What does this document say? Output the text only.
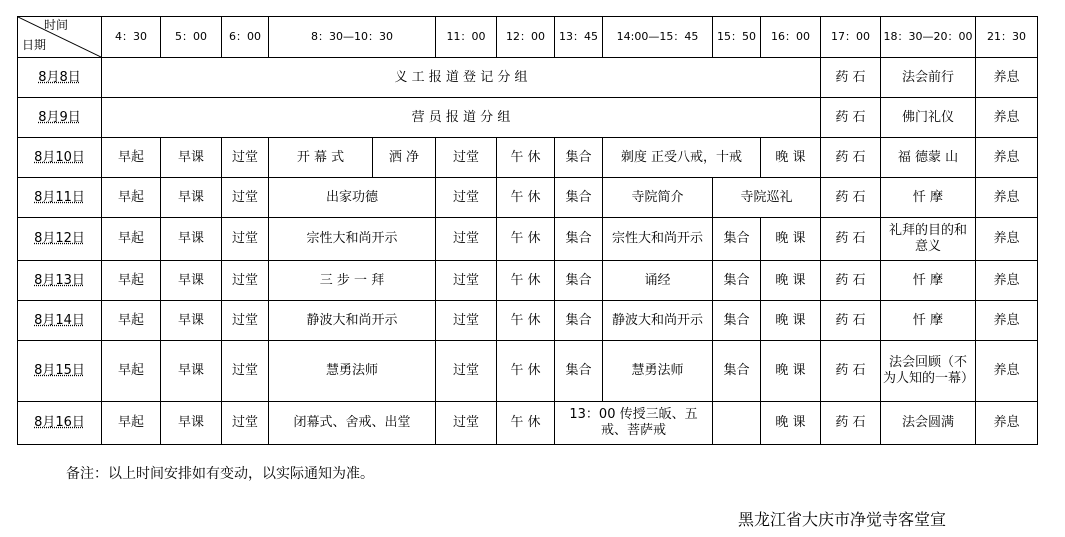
时间
日期	4：30	5：00	6：00	8：30—10：30		11：00	12：00	13：45	14:00—15：45	15：50	16：00	17：00	18：30—20：00	21：30
8月8日	义 工 报 道 登 记 分 组											药 石	法会前行	养息
8月9日	营 员 报 道 分 组											药 石	佛门礼仪	养息
8月10日	早起	早课	过堂	开 幕 式	洒 净	过堂	午 休	集合	剃度 正受八戒，十戒		晚 课	药 石	福 德蒙 山	养息
8月11日	早起	早课	过堂	出家功德		过堂	午 休	集合	寺院简介	寺院巡礼		药 石	忏 摩	养息
8月12日	早起	早课	过堂	宗性大和尚开示		过堂	午 休	集合	宗性大和尚开示	集合	晚 课	药 石	礼拜的目的和意义	养息
8月13日	早起	早课	过堂	三 步 一 拜		过堂	午 休	集合	诵经	集合	晚 课	药 石	忏 摩	养息
8月14日	早起	早课	过堂	静波大和尚开示		过堂	午 休	集合	静波大和尚开示	集合	晚 课	药 石	忏 摩	养息
8月15日	早起	早课	过堂	慧勇法师		过堂	午 休	集合	慧勇法师	集合	晚 课	药 石	法会回顾（不为人知的一幕）	养息
8月16日	早起	早课	过堂	闭幕式、舍戒、出堂		过堂	午 休	13：00 传授三皈、五戒、菩萨戒			晚 课	药 石	法会圆满	养息
备注：以上时间安排如有变动，以实际通知为准。
黑龙江省大庆市净觉寺客堂宣
